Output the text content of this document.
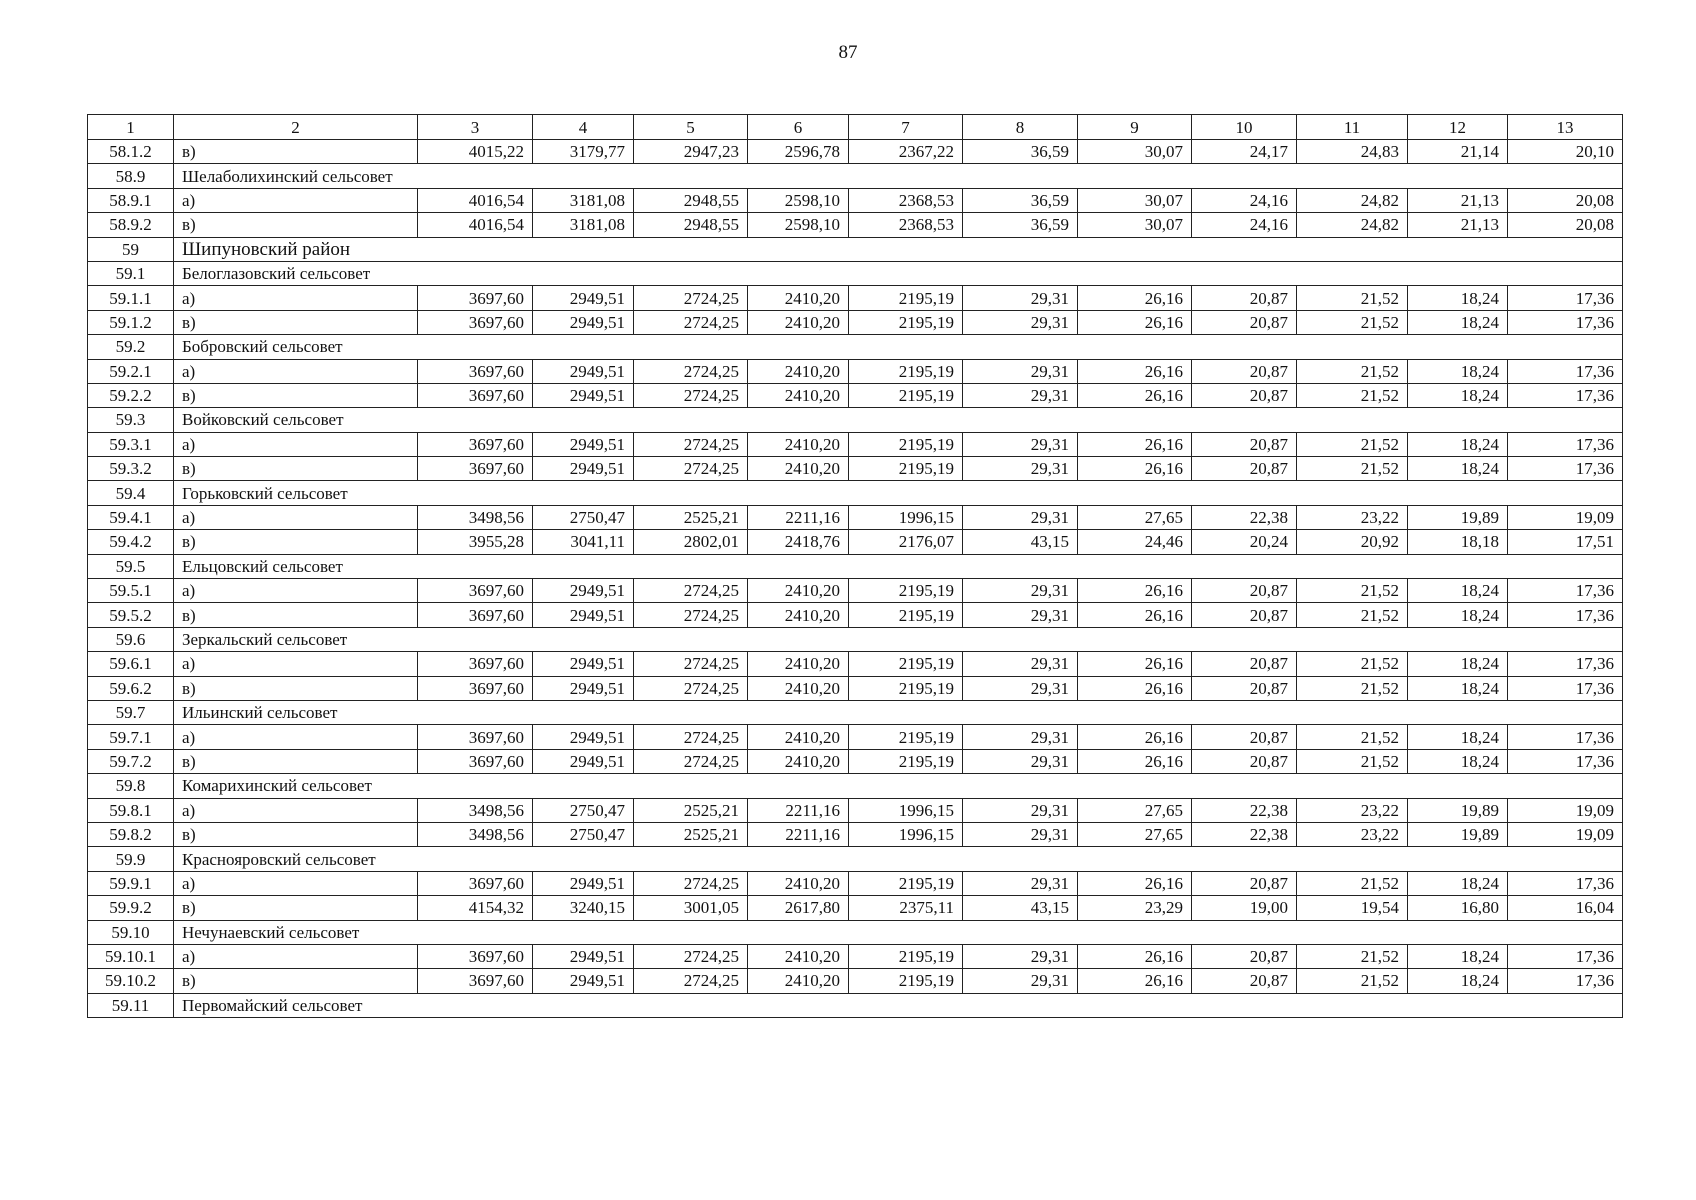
87
1	2	3	4	5	6	7	8	9	10	11	12	13
58.1.2	в)	4015,22	3179,77	2947,23	2596,78	2367,22	36,59	30,07	24,17	24,83	21,14	20,10
58.9	Шелаболихинский сельсовет											
58.9.1	а)	4016,54	3181,08	2948,55	2598,10	2368,53	36,59	30,07	24,16	24,82	21,13	20,08
58.9.2	в)	4016,54	3181,08	2948,55	2598,10	2368,53	36,59	30,07	24,16	24,82	21,13	20,08
59	Шипуновский район											
59.1	Белоглазовский сельсовет											
59.1.1	а)	3697,60	2949,51	2724,25	2410,20	2195,19	29,31	26,16	20,87	21,52	18,24	17,36
59.1.2	в)	3697,60	2949,51	2724,25	2410,20	2195,19	29,31	26,16	20,87	21,52	18,24	17,36
59.2	Бобровский сельсовет											
59.2.1	а)	3697,60	2949,51	2724,25	2410,20	2195,19	29,31	26,16	20,87	21,52	18,24	17,36
59.2.2	в)	3697,60	2949,51	2724,25	2410,20	2195,19	29,31	26,16	20,87	21,52	18,24	17,36
59.3	Войковский сельсовет											
59.3.1	а)	3697,60	2949,51	2724,25	2410,20	2195,19	29,31	26,16	20,87	21,52	18,24	17,36
59.3.2	в)	3697,60	2949,51	2724,25	2410,20	2195,19	29,31	26,16	20,87	21,52	18,24	17,36
59.4	Горьковский сельсовет											
59.4.1	а)	3498,56	2750,47	2525,21	2211,16	1996,15	29,31	27,65	22,38	23,22	19,89	19,09
59.4.2	в)	3955,28	3041,11	2802,01	2418,76	2176,07	43,15	24,46	20,24	20,92	18,18	17,51
59.5	Ельцовский сельсовет											
59.5.1	а)	3697,60	2949,51	2724,25	2410,20	2195,19	29,31	26,16	20,87	21,52	18,24	17,36
59.5.2	в)	3697,60	2949,51	2724,25	2410,20	2195,19	29,31	26,16	20,87	21,52	18,24	17,36
59.6	Зеркальский сельсовет											
59.6.1	а)	3697,60	2949,51	2724,25	2410,20	2195,19	29,31	26,16	20,87	21,52	18,24	17,36
59.6.2	в)	3697,60	2949,51	2724,25	2410,20	2195,19	29,31	26,16	20,87	21,52	18,24	17,36
59.7	Ильинский сельсовет											
59.7.1	а)	3697,60	2949,51	2724,25	2410,20	2195,19	29,31	26,16	20,87	21,52	18,24	17,36
59.7.2	в)	3697,60	2949,51	2724,25	2410,20	2195,19	29,31	26,16	20,87	21,52	18,24	17,36
59.8	Комарихинский сельсовет											
59.8.1	а)	3498,56	2750,47	2525,21	2211,16	1996,15	29,31	27,65	22,38	23,22	19,89	19,09
59.8.2	в)	3498,56	2750,47	2525,21	2211,16	1996,15	29,31	27,65	22,38	23,22	19,89	19,09
59.9	Краснояровский сельсовет											
59.9.1	а)	3697,60	2949,51	2724,25	2410,20	2195,19	29,31	26,16	20,87	21,52	18,24	17,36
59.9.2	в)	4154,32	3240,15	3001,05	2617,80	2375,11	43,15	23,29	19,00	19,54	16,80	16,04
59.10	Нечунаевский сельсовет											
59.10.1	а)	3697,60	2949,51	2724,25	2410,20	2195,19	29,31	26,16	20,87	21,52	18,24	17,36
59.10.2	в)	3697,60	2949,51	2724,25	2410,20	2195,19	29,31	26,16	20,87	21,52	18,24	17,36
59.11	Первомайский сельсовет											
